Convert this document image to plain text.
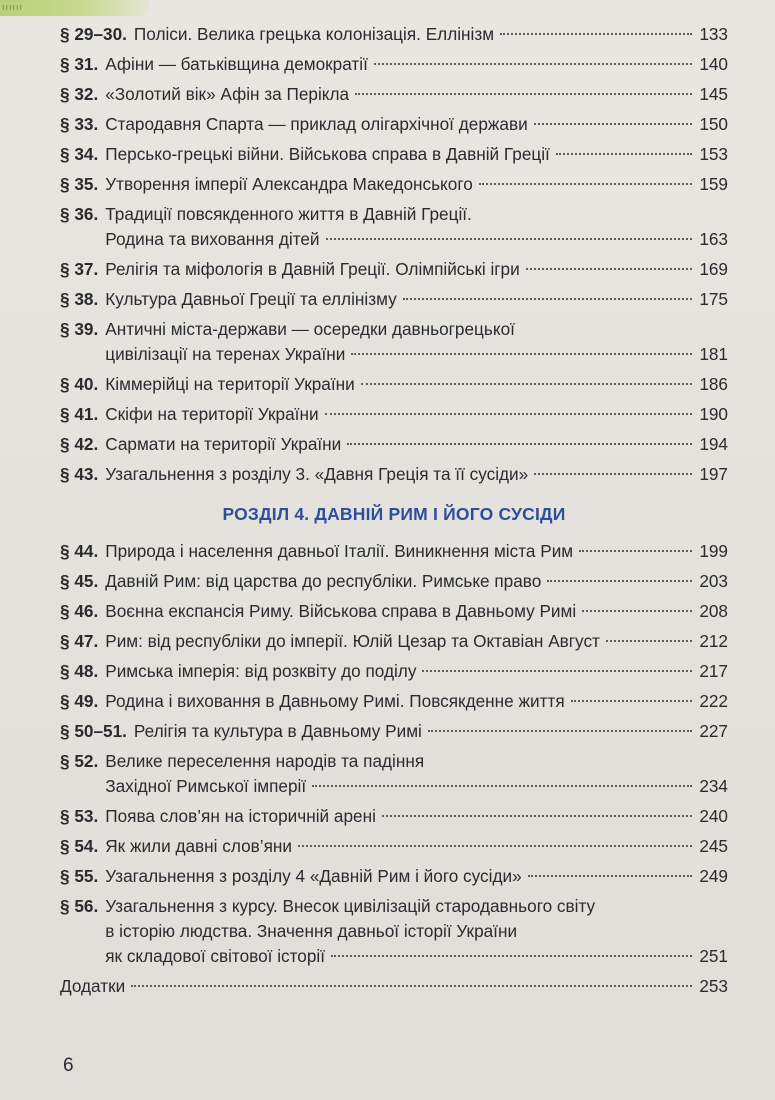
ıııııı
§ 29–30. Поліси. Велика грецька колонізація. Еллінізм	133
§ 31. Афіни — батьківщина демократії	140
§ 32. «Золотий вік» Афін за Перікла	145
§ 33. Стародавня Спарта — приклад олігархічної держави	150
§ 34. Персько-грецькі війни. Військова справа в Давній Греції	153
§ 35. Утворення імперії Александра Македонського	159
§ 36. Традиції повсякденного життя в Давній Греції.
Родина та виховання дітей	163
§ 37. Релігія та міфологія в Давній Греції. Олімпійські ігри	169
§ 38. Культура Давньої Греції та еллінізму	175
§ 39. Античні міста-держави — осередки давньогрецької
цивілізації на теренах України	181
§ 40. Кіммерійці на території України	186
§ 41. Скіфи на території України	190
§ 42. Сармати на території України	194
§ 43. Узагальнення з розділу 3. «Давня Греція та її сусіди»	197
РОЗДІЛ 4. ДАВНІЙ РИМ І ЙОГО СУСІДИ
§ 44. Природа і населення давньої Італії. Виникнення міста Рим	199
§ 45. Давній Рим: від царства до республіки. Римське право	203
§ 46. Воєнна експансія Риму. Військова справа в Давньому Римі	208
§ 47. Рим: від республіки до імперії. Юлій Цезар та Октавіан Август	212
§ 48. Римська імперія: від розквіту до поділу	217
§ 49. Родина і виховання в Давньому Римі. Повсякденне життя	222
§ 50–51. Релігія та культура в Давньому Римі	227
§ 52. Велике переселення народів та падіння
Західної Римської імперії	234
§ 53. Поява слов’ян на історичній арені	240
§ 54. Як жили давні слов’яни	245
§ 55. Узагальнення з розділу 4 «Давній Рим і його сусіди»	249
§ 56. Узагальнення з курсу. Внесок цивілізацій стародавнього світу
в історію людства. Значення давньої історії України
як складової світової історії	251
Додатки	253
6
